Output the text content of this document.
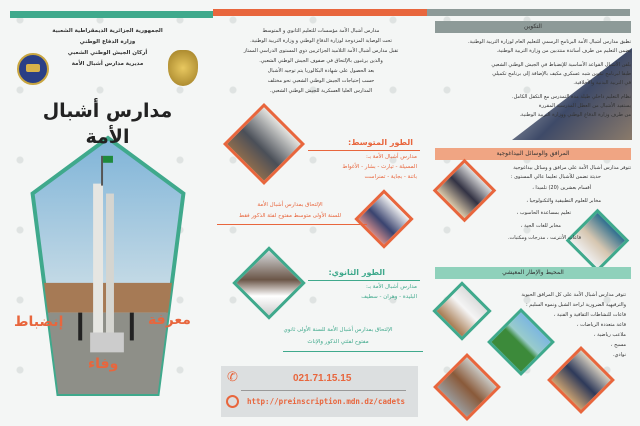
الجمهورية الجزائرية الديمقراطية الشعبية
وزارة الدفاع الوطني
أركان الجيش الوطني الشعبي
مديرية مدارس أشبال الأمة
مدارس أشبال الأمة
معرفة
إنضباط
وفاء
مدارس أشبال الأمة مؤسسات للتعليم الثانوي و المتوسط
تحت الوصاية المزدوجة لوزارة الدفاع الوطني و وزارة التربية الوطنية.
تقبل مدارس أشبال الأمة التلاميذ الجزائريين ذوي المستوى الدراسي الممتاز
والذين يرغبون بالإلتحاق في صفوف الجيش الوطني الشعبي.
بعد الحصول على شهادة البكالوريا يتم توجيه الأشبال
حسب إحتياجات الجيش الوطني الشعبي نحو مختلف
المدارس العليا العسكرية للجيش الوطني الشعبي.
الطور المتوسط:
مدارس أشبال الأمة بـ:
المسيلة - تيارت - بشار - الأغواط
باتنة - بجاية - تمنراست
الإلتحاق بمدارس أشبال الأمة
للسنة الأولى متوسط مفتوح لفئة الذكور فقط
الطور الثانوي:
مدارس أشبال الأمة بـ:
البليدة - وهران - سطيف
الإلتحاق بمدارس أشبال الأمة للسنة الأولى ثانوي
مفتوح لفئتي الذكور والإناث
✆	021.71.15.15
http://preinscription.mdn.dz/cadets
التكوين
تطبق مدارس أشبال الأمة البرنامج الرسمي للتعليم العام لوزارة التربية الوطنية.
يضمن التعليم من طرف أساتذة منتدبين من وزارة التربية الوطنية.
يلقن الأشبال القواعد الأساسية للإنضباط في الجيش الوطني الشعبي
طبقا لبرنامج تكوين شبه عسكري مكيف بالإضافة إلى برنامج تكميلي
في التربية البدنية والأخلاقية.
نظام التعليم داخلي طيلة مدة التمدرس مع التكفل الكامل.
يستفيد الأشبال من العطل المدرسية المقررة
من طرف وزارة الدفاع الوطني ووزارة التربية الوطنية.
المرافق والوسائل البيداغوجية
تتوفر مدارس أشبال الأمة على مرافق و وسائل بيداغوجية
حديثة تضمن للأشبال تعليما عالي المستوى :
أقسام بعشرين (20) تلميذا ،
مخابر للعلوم التطبيقية والتكنولوجيا ،
تعليم بمساعدة الحاسوب ،
مخابر للغات الحية ،
قاعات الأنترنت ، مدرجات ومكتبات.
المحيط والإطار المعيشي
تتوفر مدارس أشبال الأمة على كل المرافق الحيوية
والترفيهية الضرورية لراحة الشبل ونموه السليم :
قاعات للنشاطات الثقافية و الفنية ،
قاعة متعددة الرياضات ،
ملاعب رياضية ،
مسبح ،
نوادي.
